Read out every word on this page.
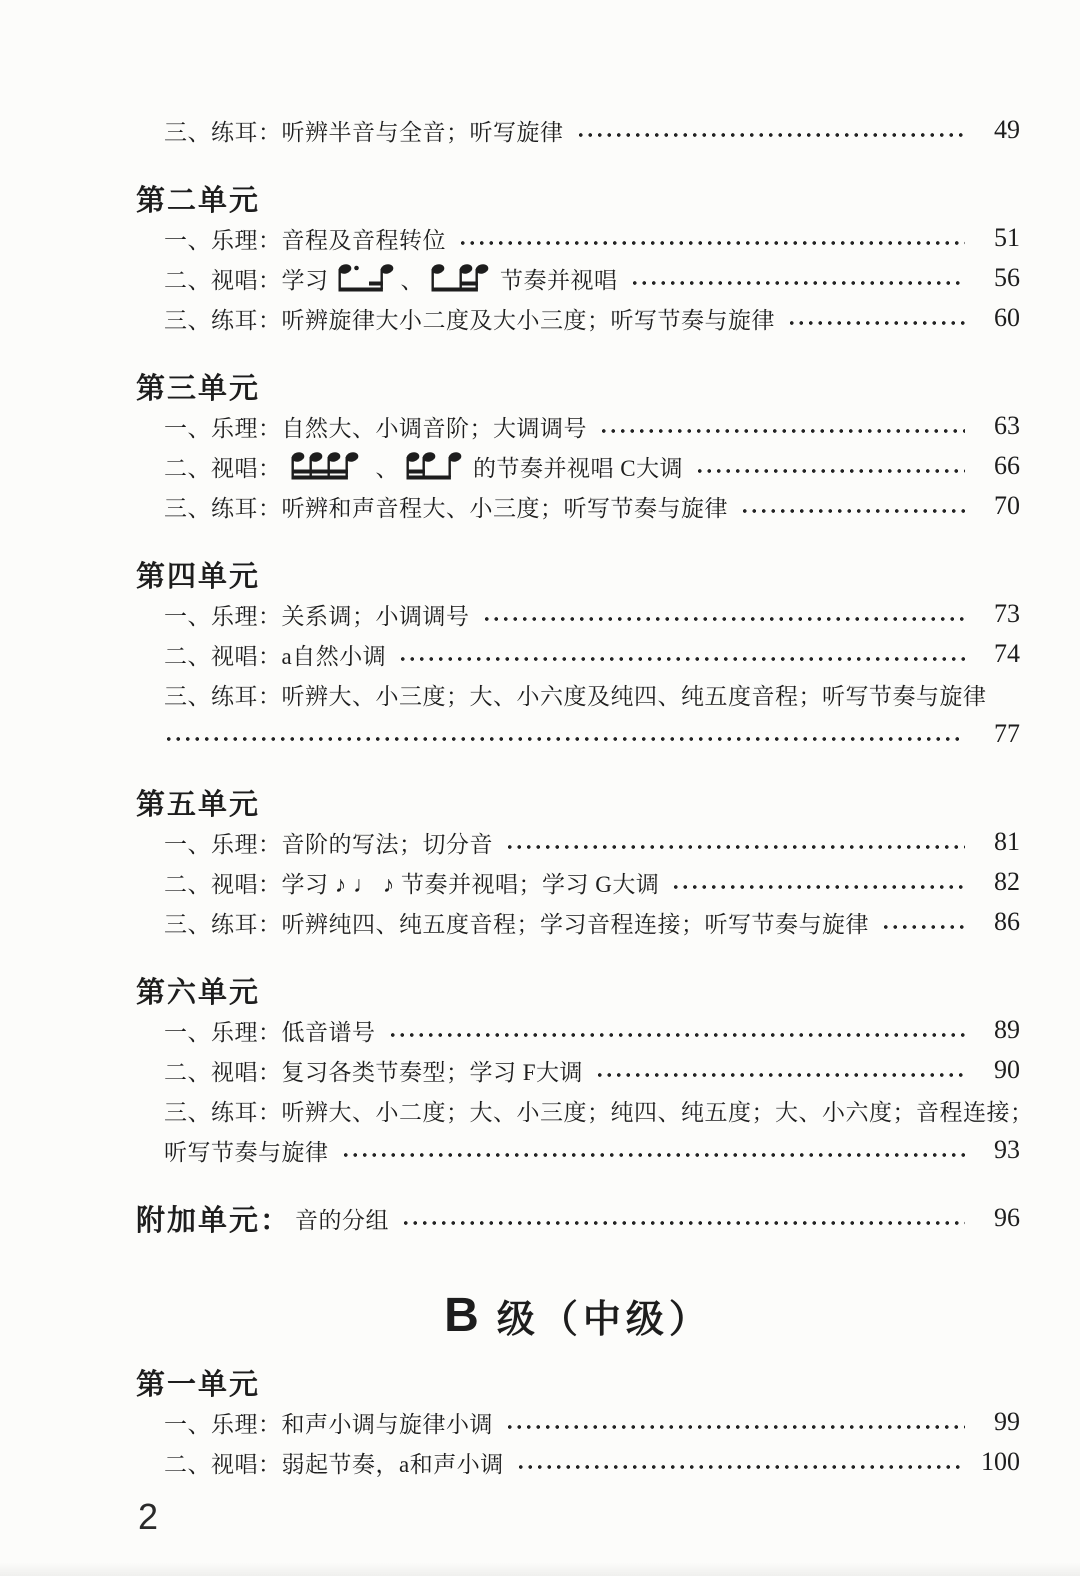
三、练耳：听辨半音与全音；听写旋律	49
第二单元
一、乐理：音程及音程转位	51
二、视唱：学习	、	节奏并视唱	56
三、练耳：听辨旋律大小二度及大小三度；听写节奏与旋律	60
第三单元
一、乐理：自然大、小调音阶；大调调号	63
二、视唱：	、	的节奏并视唱 C大调	66
三、练耳：听辨和声音程大、小三度；听写节奏与旋律	70
第四单元
一、乐理：关系调；小调调号	73
二、视唱：a自然小调	74
三、练耳：听辨大、小三度；大、小六度及纯四、纯五度音程；听写节奏与旋律
77
第五单元
一、乐理：音阶的写法；切分音	81
二、视唱：学习 ♪ ♩ ♪ 节奏并视唱；学习 G大调	82
三、练耳：听辨纯四、纯五度音程；学习音程连接；听写节奏与旋律	86
第六单元
一、乐理：低音谱号	89
二、视唱：复习各类节奏型；学习 F大调	90
三、练耳：听辨大、小二度；大、小三度；纯四、纯五度；大、小六度；音程连接；
听写节奏与旋律	93
附加单元： 音的分组	96
B 级（中级）
第一单元
一、乐理：和声小调与旋律小调	99
二、视唱：弱起节奏，a和声小调	100
2
